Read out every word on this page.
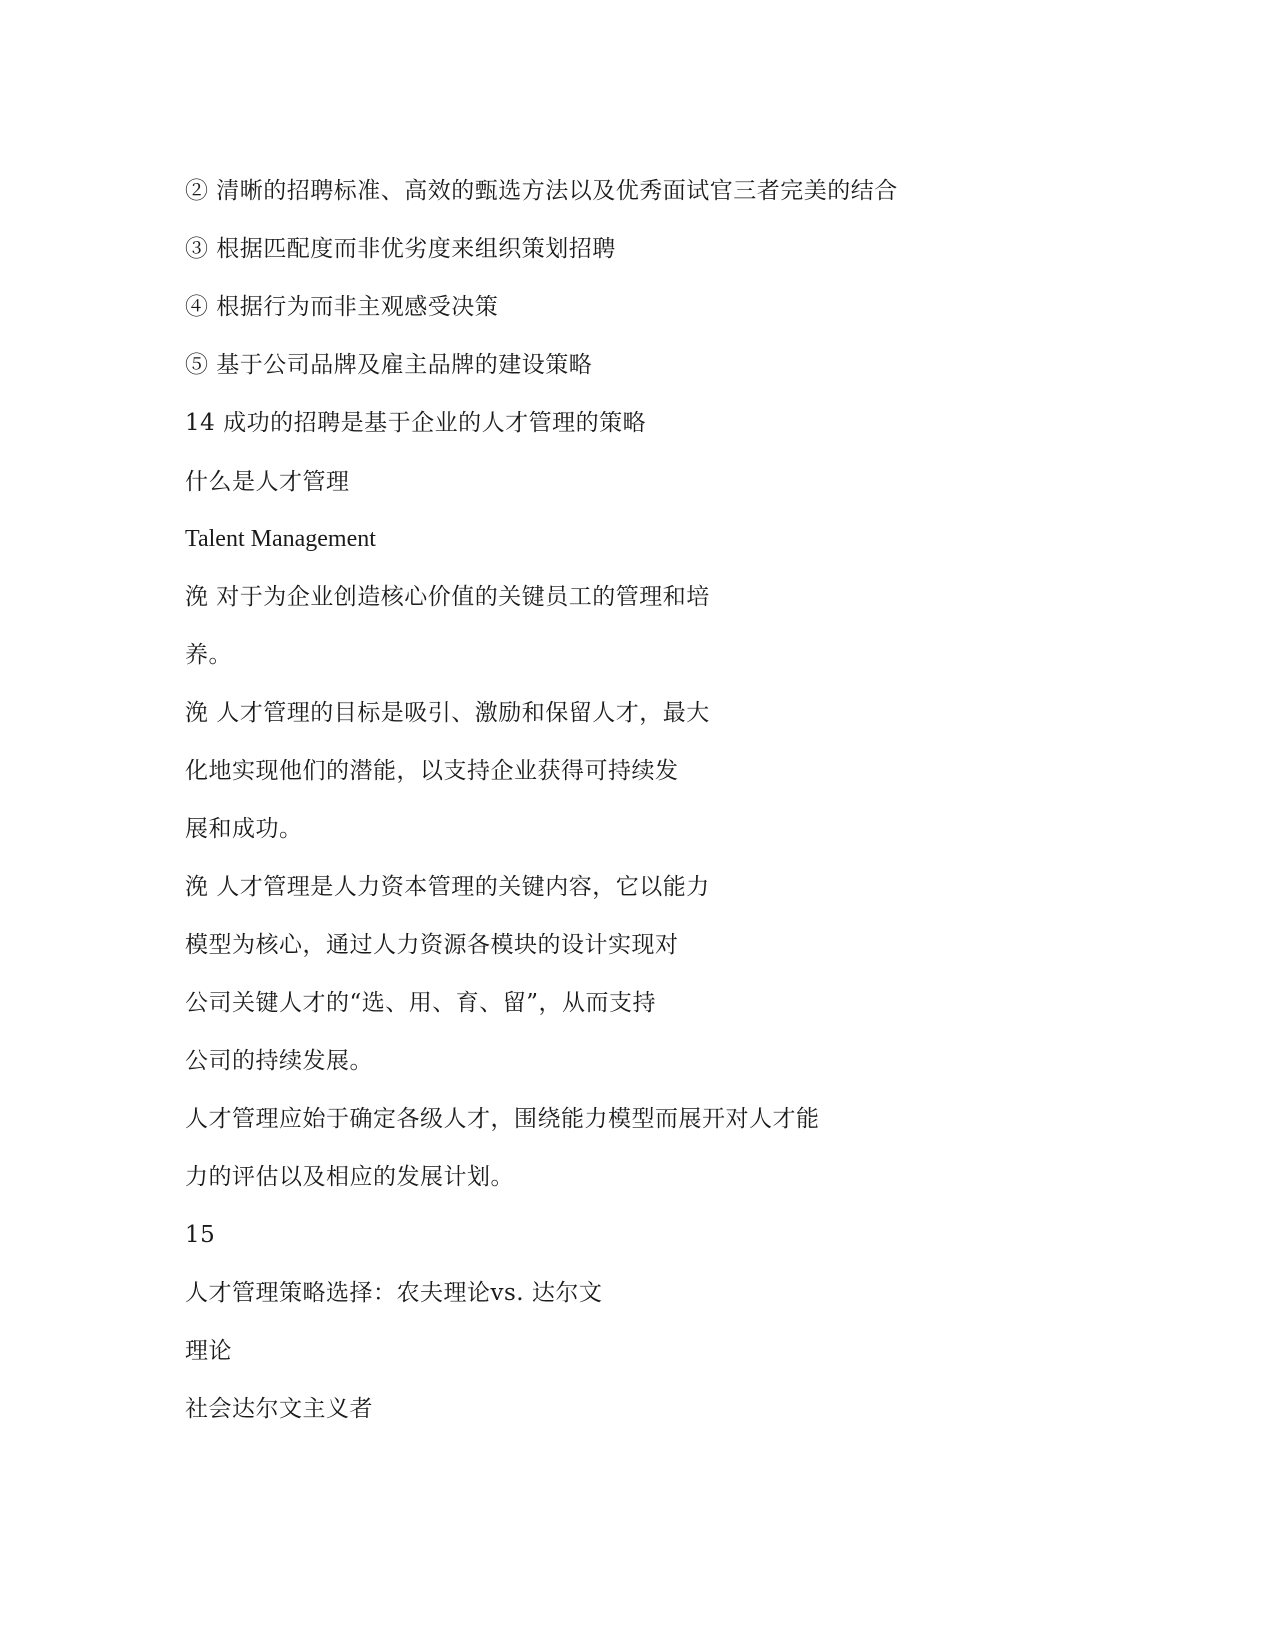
② 清晰的招聘标准、高效的甄选方法以及优秀面试官三者完美的结合

③ 根据匹配度而非优劣度来组织策划招聘

④ 根据行为而非主观感受决策

⑤ 基于公司品牌及雇主品牌的建设策略

14 成功的招聘是基于企业的人才管理的策略

什么是人才管理

Talent Management

浼 对于为企业创造核心价值的关键员工的管理和培

养。

浼 人才管理的目标是吸引、激励和保留人才，最大

化地实现他们的潜能，以支持企业获得可持续发

展和成功。

浼 人才管理是人力资本管理的关键内容，它以能力

模型为核心，通过人力资源各模块的设计实现对

公司关键人才的“选、用、育、留”，从而支持

公司的持续发展。

人才管理应始于确定各级人才，围绕能力模型而展开对人才能

力的评估以及相应的发展计划。

15

人才管理策略选择：农夫理论vs. 达尔文

理论

社会达尔文主义者
